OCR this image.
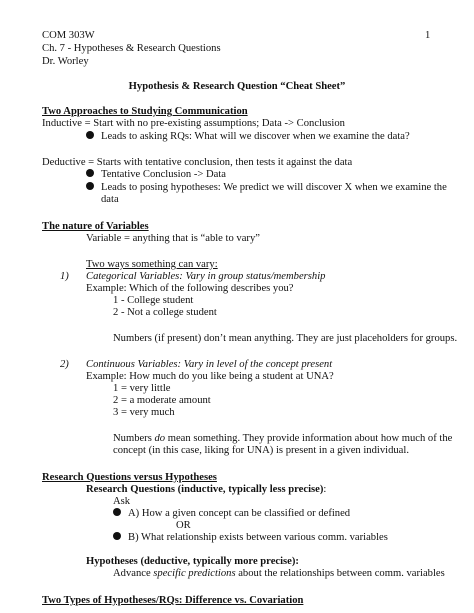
COM 303W	1
Ch. 7 - Hypotheses & Research Questions
Dr. Worley
Hypothesis & Research Question “Cheat Sheet”
Two Approaches to Studying Communication
Inductive = Start with no pre-existing assumptions; Data -> Conclusion
Leads to asking RQs: What will we discover when we examine the data?
Deductive = Starts with tentative conclusion, then tests it against the data
Tentative Conclusion -> Data
Leads to posing hypotheses: We predict we will discover X when we examine the
data
The nature of Variables
Variable = anything that is “able to vary”
Two ways something can vary:
1) Categorical Variables: Vary in group status/membership
Example: Which of the following describes you?
1 - College student
2 - Not a college student
Numbers (if present) don’t mean anything. They are just placeholders for groups.
2) Continuous Variables: Vary in level of the concept present
Example: How much do you like being a student at UNA?
1 = very little
2 = a moderate amount
3 = very much
Numbers do mean something. They provide information about how much of the
concept (in this case, liking for UNA) is present in a given individual.
Research Questions versus Hypotheses
Research Questions (inductive, typically less precise):
Ask
A) How a given concept can be classified or defined
OR
B) What relationship exists between various comm. variables
Hypotheses (deductive, typically more precise):
Advance specific predictions about the relationships between comm. variables
Two Types of Hypotheses/RQs: Difference vs. Covariation
